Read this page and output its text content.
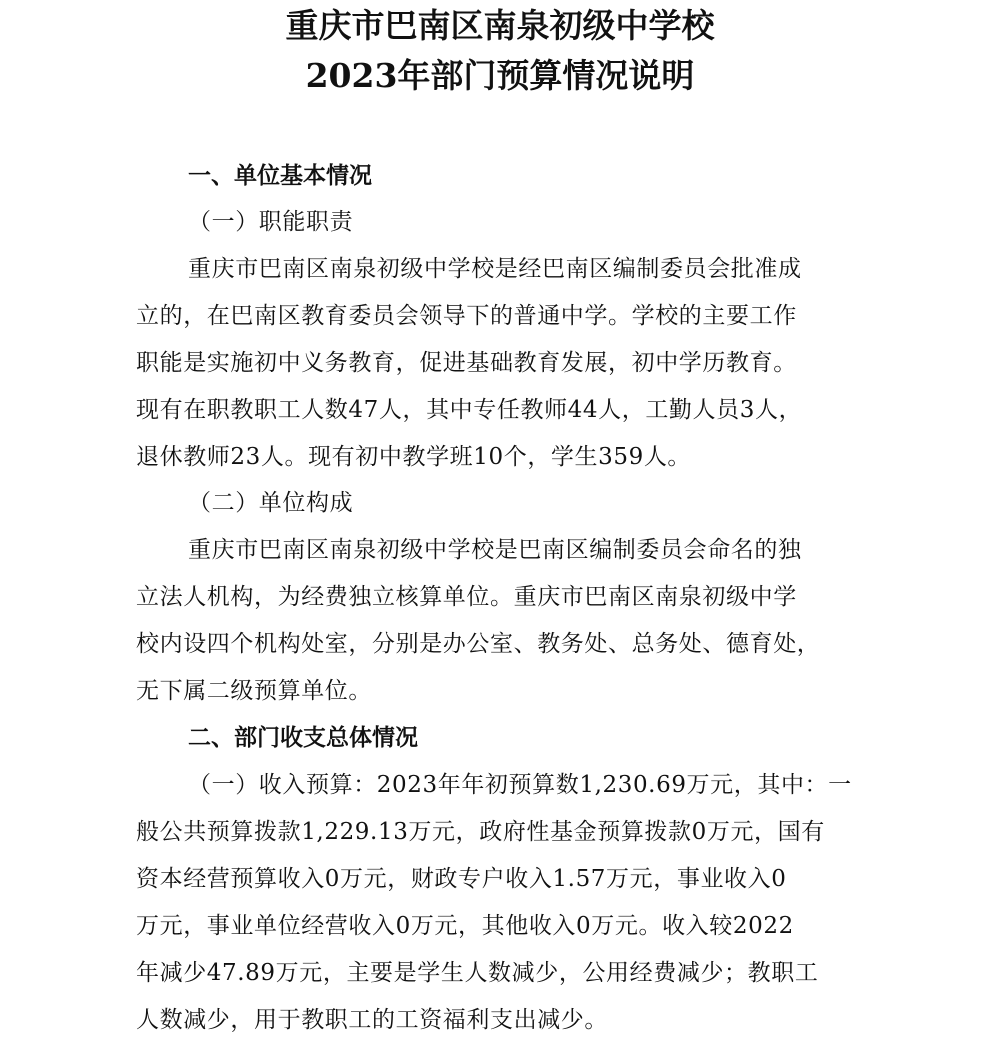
重庆市巴南区南泉初级中学校
2023年部门预算情况说明
一、单位基本情况
（一）职能职责
重庆市巴南区南泉初级中学校是经巴南区编制委员会批准成
立的，在巴南区教育委员会领导下的普通中学。学校的主要工作
职能是实施初中义务教育，促进基础教育发展，初中学历教育。
现有在职教职工人数47人，其中专任教师44人，工勤人员3人，
退休教师23人。现有初中教学班10个，学生359人。
（二）单位构成
重庆市巴南区南泉初级中学校是巴南区编制委员会命名的独
立法人机构，为经费独立核算单位。重庆市巴南区南泉初级中学
校内设四个机构处室，分别是办公室、教务处、总务处、德育处，
无下属二级预算单位。
二、部门收支总体情况
（一）收入预算：2023年年初预算数1,230.69万元，其中：一
般公共预算拨款1,229.13万元，政府性基金预算拨款0万元，国有
资本经营预算收入0万元，财政专户收入1.57万元，事业收入0
万元，事业单位经营收入0万元，其他收入0万元。收入较2022
年减少47.89万元，主要是学生人数减少，公用经费减少；教职工
人数减少，用于教职工的工资福利支出减少。
